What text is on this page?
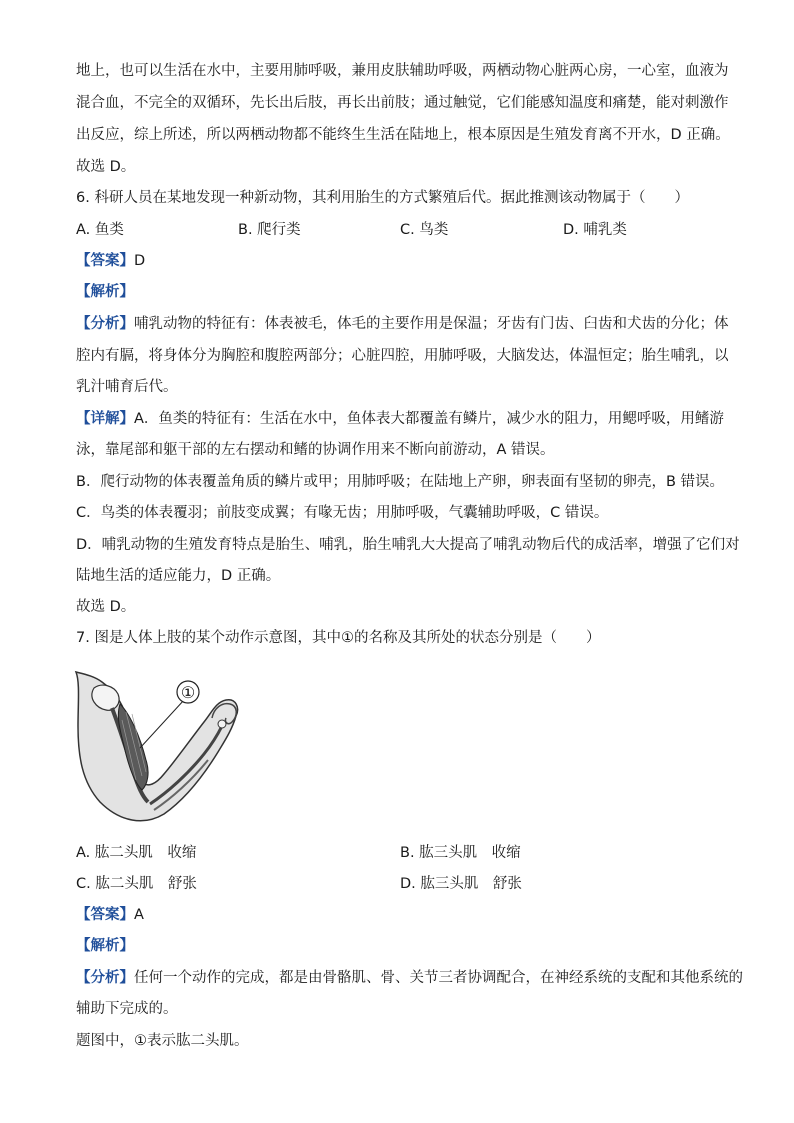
地上，也可以生活在水中，主要用肺呼吸，兼用皮肤辅助呼吸，两栖动物心脏两心房，一心室，血液为
混合血，不完全的双循环，先长出后肢，再长出前肢；通过触觉，它们能感知温度和痛楚，能对刺激作
出反应，综上所述，所以两栖动物都不能终生生活在陆地上，根本原因是生殖发育离不开水，D 正确。
故选 D。
6. 科研人员在某地发现一种新动物，其利用胎生的方式繁殖后代。据此推测该动物属于（　　）
A. 鱼类	B. 爬行类	C. 鸟类	D. 哺乳类
【答案】D
【解析】
【分析】哺乳动物的特征有：体表被毛，体毛的主要作用是保温；牙齿有门齿、臼齿和犬齿的分化；体
腔内有膈，将身体分为胸腔和腹腔两部分；心脏四腔，用肺呼吸，大脑发达，体温恒定；胎生哺乳，以
乳汁哺育后代。
【详解】A．鱼类的特征有：生活在水中，鱼体表大都覆盖有鳞片，减少水的阻力，用鳃呼吸，用鳍游
泳，靠尾部和躯干部的左右摆动和鳍的协调作用来不断向前游动，A 错误。
B．爬行动物的体表覆盖角质的鳞片或甲；用肺呼吸；在陆地上产卵，卵表面有坚韧的卵壳，B 错误。
C．鸟类的体表覆羽；前肢变成翼；有喙无齿；用肺呼吸，气囊辅助呼吸，C 错误。
D．哺乳动物的生殖发育特点是胎生、哺乳，胎生哺乳大大提高了哺乳动物后代的成活率，增强了它们对
陆地生活的适应能力，D 正确。
故选 D。
7. 图是人体上肢的某个动作示意图，其中①的名称及其所处的状态分别是（　　）
①
A. 肱二头肌　收缩	B. 肱三头肌　收缩
C. 肱二头肌　舒张	D. 肱三头肌　舒张
【答案】A
【解析】
【分析】任何一个动作的完成，都是由骨骼肌、骨、关节三者协调配合，在神经系统的支配和其他系统的
辅助下完成的。
题图中，①表示肱二头肌。
